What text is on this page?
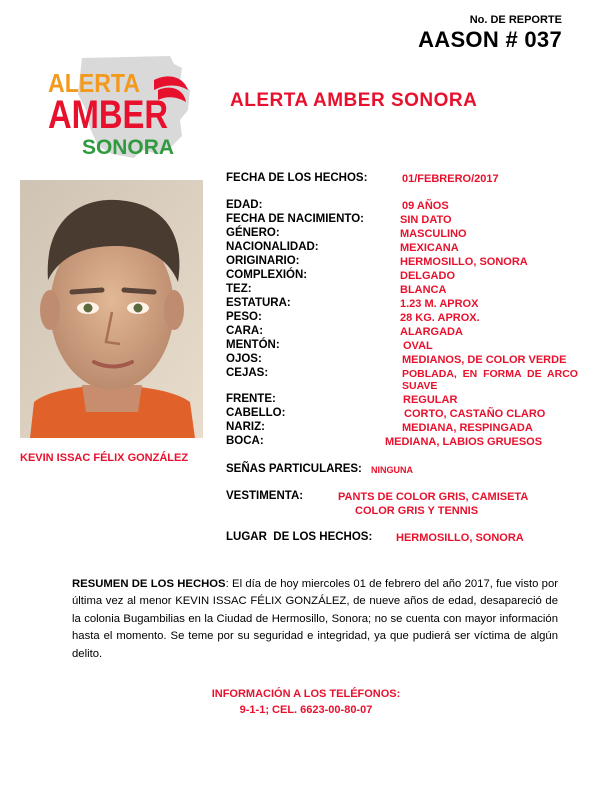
No. DE REPORTE
AASON # 037
ALERTA
AMBER
SONORA
ALERTA AMBER SONORA
KEVIN ISSAC FÉLIX GONZÁLEZ
FECHA DE LOS HECHOS:	01/FEBRERO/2017
EDAD:	09 AÑOS
FECHA DE NACIMIENTO:	SIN DATO
GÉNERO:	MASCULINO
NACIONALIDAD:	MEXICANA
ORIGINARIO:	HERMOSILLO, SONORA
COMPLEXIÓN:	DELGADO
TEZ:	BLANCA
ESTATURA:	1.23 M. APROX
PESO:	28 KG. APROX.
CARA:	ALARGADA
MENTÓN:	OVAL
OJOS:	MEDIANOS, DE COLOR VERDE
CEJAS:	POBLADA,  EN  FORMA  DE  ARCO
SUAVE
FRENTE:	REGULAR
CABELLO:	CORTO, CASTAÑO CLARO
NARIZ:	MEDIANA, RESPINGADA
BOCA:	MEDIANA, LABIOS GRUESOS
SEÑAS PARTICULARES: NINGUNA
VESTIMENTA:	PANTS DE COLOR GRIS, CAMISETA
COLOR GRIS Y TENNIS
LUGAR  DE LOS HECHOS: HERMOSILLO, SONORA
RESUMEN DE LOS HECHOS: El día de hoy miercoles 01 de febrero del año 2017, fue visto por última vez al menor KEVIN ISSAC FÉLIX GONZÁLEZ, de nueve años de edad, desapareció de la colonia Bugambilias en la Ciudad de Hermosillo, Sonora; no se cuenta con mayor información hasta el momento. Se teme por su seguridad e integridad, ya que pudierá ser víctima de algún delito.
INFORMACIÓN A LOS TELÉFONOS:
9-1-1; CEL. 6623-00-80-07
